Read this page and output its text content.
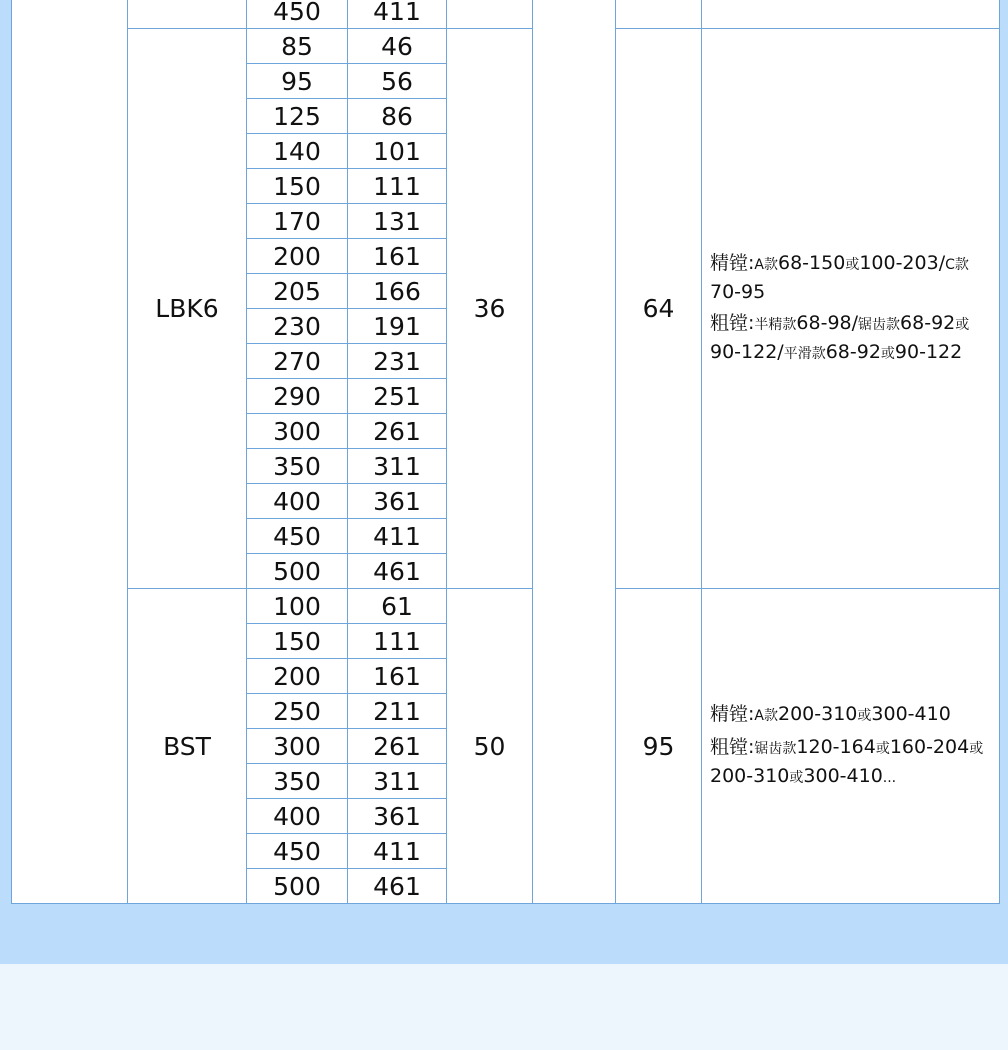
		450	411				
	LBK6	85	46	36		64	精镗:A款68-150或100-203/C款70-95
粗镗:半精款68-98/锯齿款68-92或90-122/平滑款68-92或90-122

		95	56				
		125	86				
		140	101				
		150	111				
		170	131				
		200	161				
		205	166				
		230	191				
		270	231				
		290	251				
		300	261				
		350	311				
		400	361				
		450	411				
		500	461				
	BST	100	61	50		95	精镗:A款200-310或300-410
粗镗:锯齿款120-164或160-204或200-310或300-410...

		150	111				
		200	161				
		250	211				
		300	261				
		350	311				
		400	361				
		450	411				
		500	461				
